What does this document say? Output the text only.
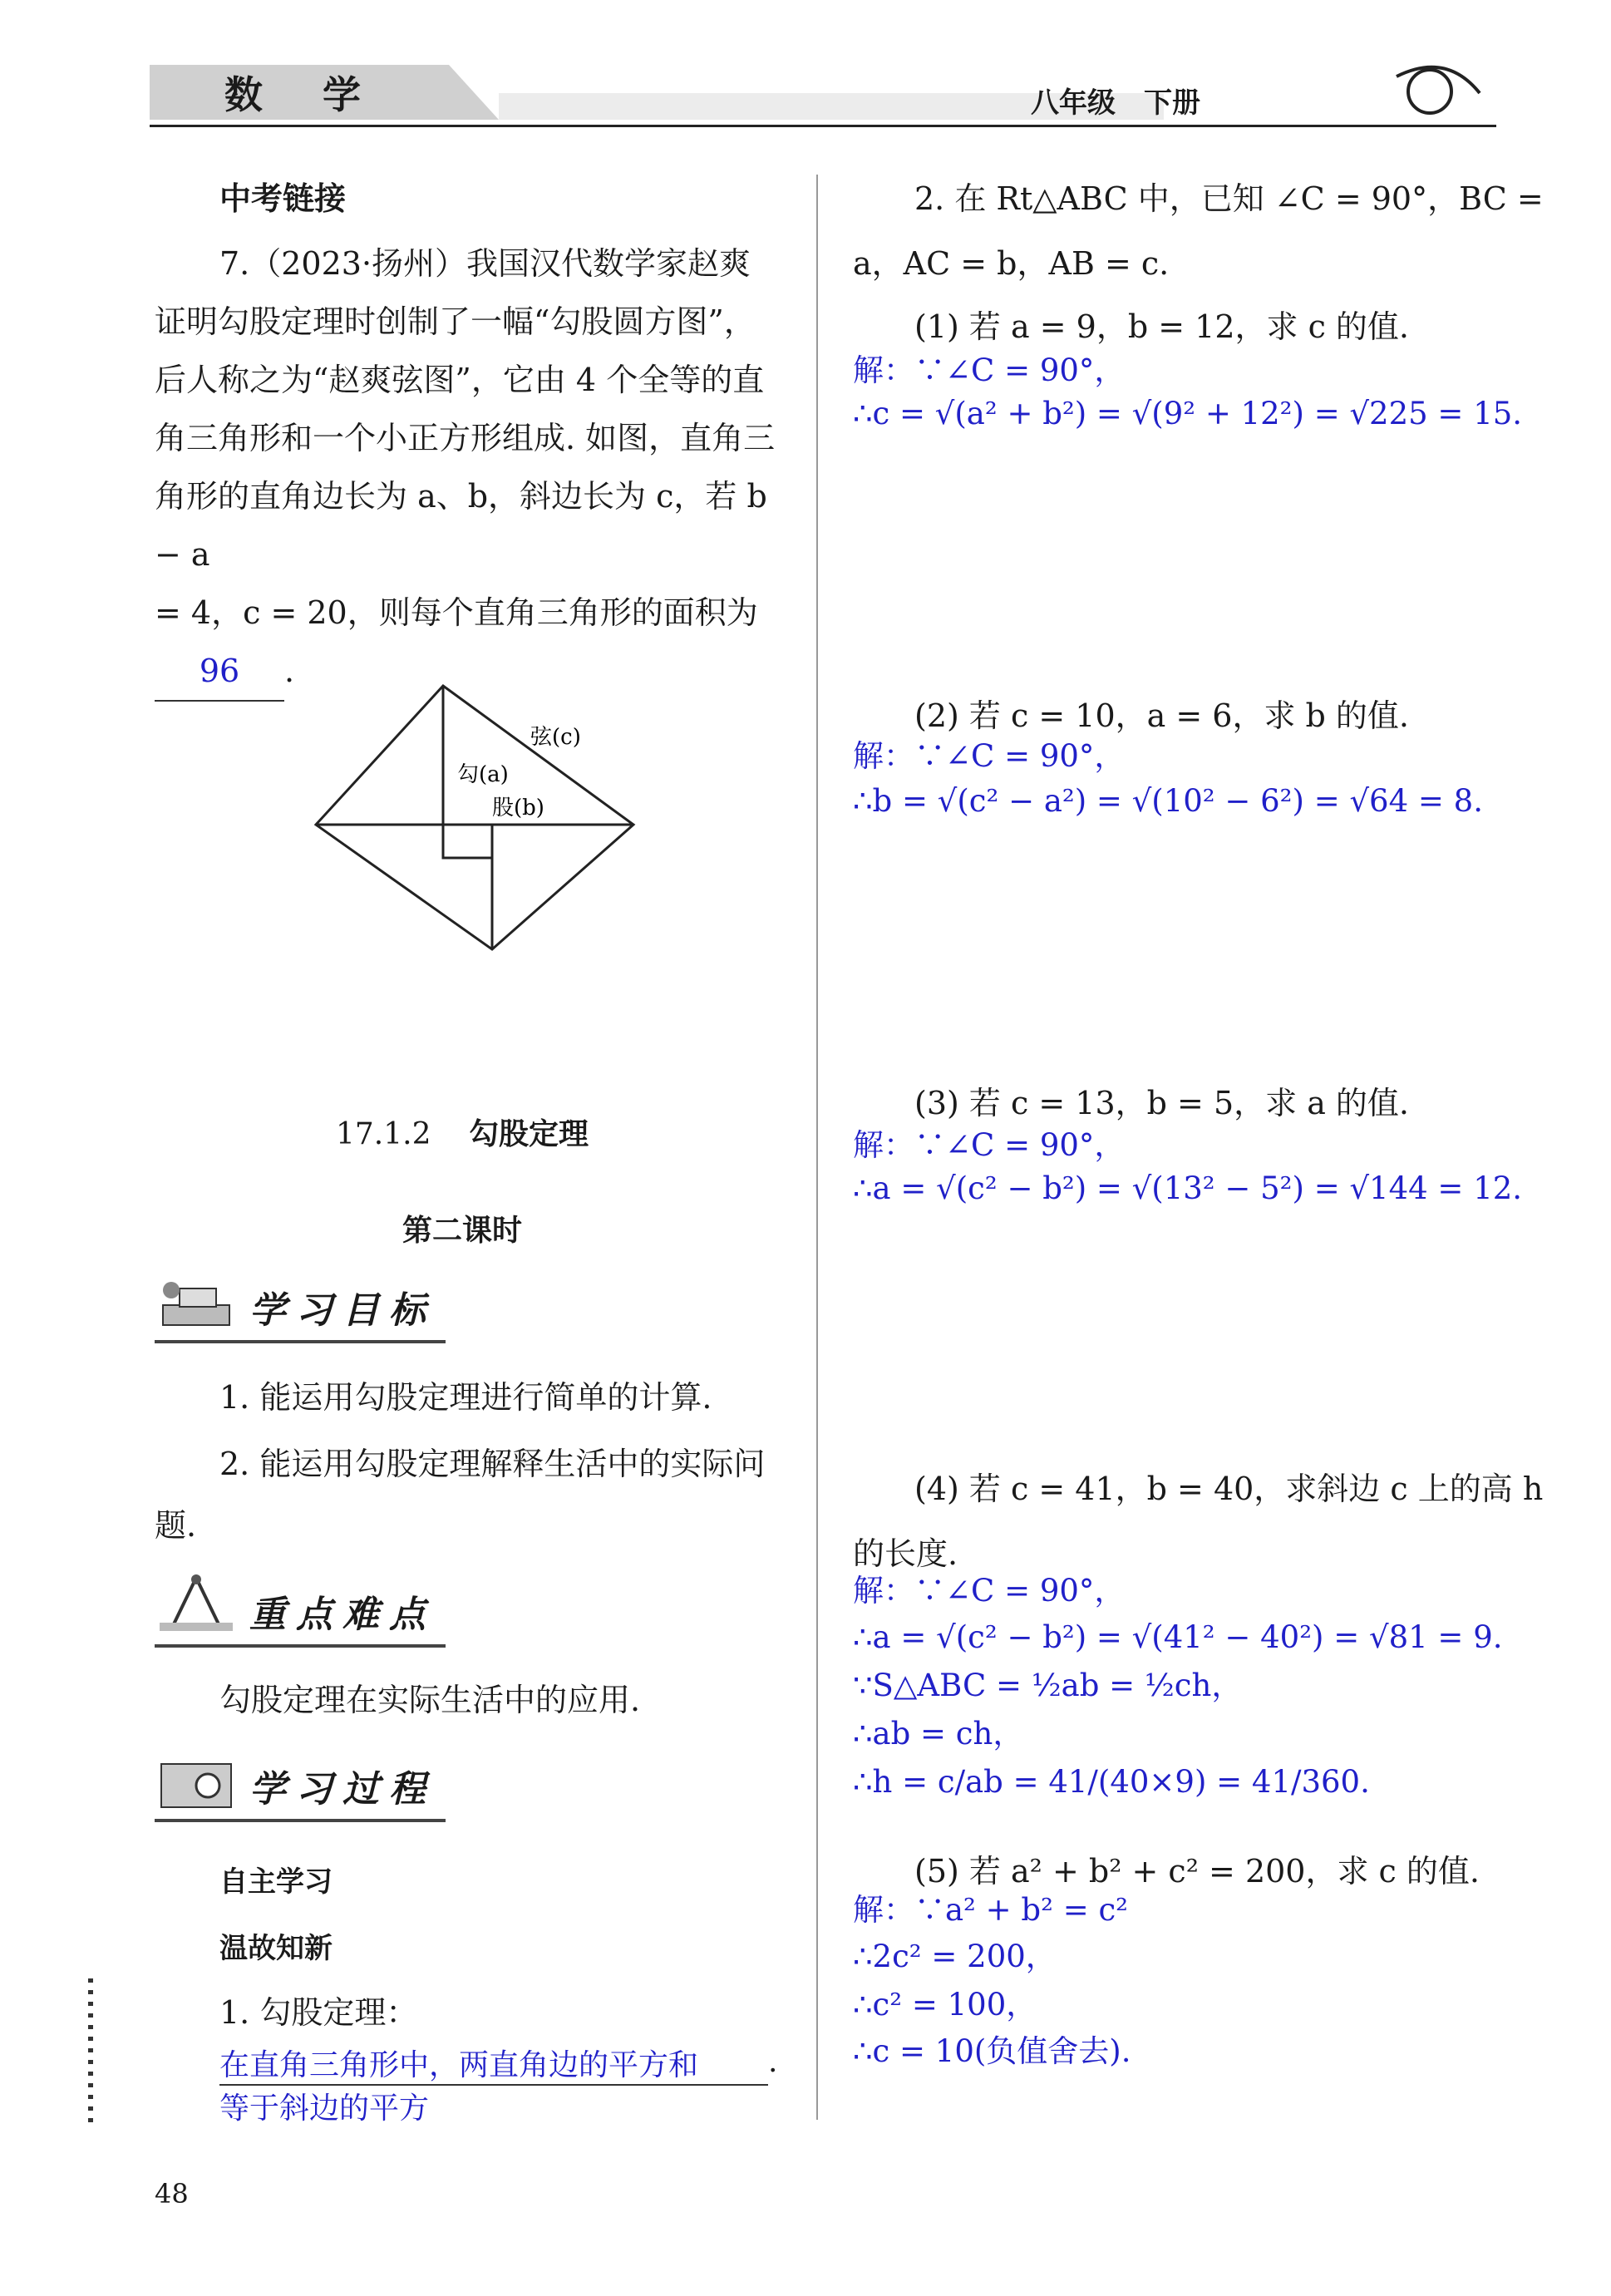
数 学	八年级　下册
中考链接
7.（2023·扬州）我国汉代数学家赵爽
证明勾股定理时创制了一幅“勾股圆方图”，
后人称之为“赵爽弦图”，它由 4 个全等的直
角三角形和一个小正方形组成. 如图，直角三
角形的直角边长为 a、b，斜边长为 c，若 b − a
= 4，c = 20，则每个直角三角形的面积为
96 .
弦(c)
勾(a)
股(b)
17.1.2 勾股定理
第二课时
学习目标
1. 能运用勾股定理进行简单的计算.
2. 能运用勾股定理解释生活中的实际问
题.
重点难点
勾股定理在实际生活中的应用.
学习过程
自主学习
温故知新
1. 勾股定理：
在直角三角形中，两直角边的平方和	.
等于斜边的平方
2. 在 Rt△ABC 中，已知 ∠C = 90°，BC =
a，AC = b，AB = c.
(1) 若 a = 9，b = 12，求 c 的值.
解：∵∠C = 90°，
∴c = √(a² + b²) = √(9² + 12²) = √225 = 15.
(2) 若 c = 10，a = 6，求 b 的值.
解：∵∠C = 90°，
∴b = √(c² − a²) = √(10² − 6²) = √64 = 8.
(3) 若 c = 13，b = 5，求 a 的值.
解：∵∠C = 90°，
∴a = √(c² − b²) = √(13² − 5²) = √144 = 12.
(4) 若 c = 41，b = 40，求斜边 c 上的高 h
的长度.
解：∵∠C = 90°，
∴a = √(c² − b²) = √(41² − 40²) = √81 = 9.
∵S△ABC = ½ab = ½ch，
∴ab = ch，
∴h = c/ab = 41/(40×9) = 41/360.
(5) 若 a² + b² + c² = 200，求 c 的值.
解：∵a² + b² = c²
∴2c² = 200，
∴c² = 100，
∴c = 10(负值舍去).
48
